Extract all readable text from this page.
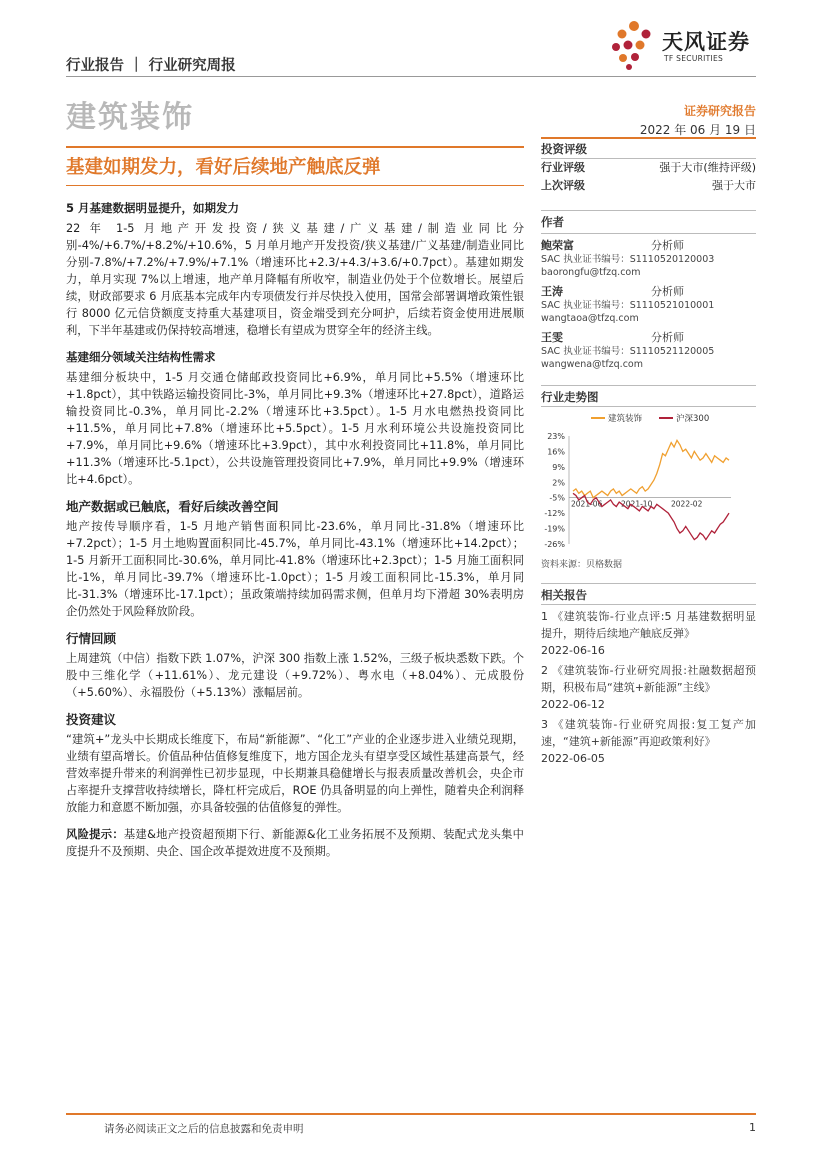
天风证券
TF SECURITIES
行业报告 ｜ 行业研究周报
建筑装饰	证券研究报告
2022 年 06 月 19 日
基建如期发力，看好后续地产触底反弹
5 月基建数据明显提升，如期发力
22 年 1-5 月地产开发投资/狭义基建/广义基建/制造业同比分别-4%/+6.7%/+8.2%/+10.6%，5 月单月地产开发投资/狭义基建/广义基建/制造业同比分别-7.8%/+7.2%/+7.9%/+7.1%（增速环比+2.3/+4.3/+3.6/+0.7pct）。基建如期发力，单月实现 7%以上增速，地产单月降幅有所收窄，制造业仍处于个位数增长。展望后续，财政部要求 6 月底基本完成年内专项债发行并尽快投入使用，国常会部署调增政策性银行 8000 亿元信贷额度支持重大基建项目，资金端受到充分呵护，后续若资金使用进展顺利，下半年基建或仍保持较高增速，稳增长有望成为贯穿全年的经济主线。
基建细分领域关注结构性需求
基建细分板块中，1-5 月交通仓储邮政投资同比+6.9%，单月同比+5.5%（增速环比+1.8pct），其中铁路运输投资同比-3%，单月同比+9.3%（增速环比+27.8pct），道路运输投资同比-0.3%，单月同比-2.2%（增速环比+3.5pct）。1-5 月水电燃热投资同比+11.5%，单月同比+7.8%（增速环比+5.5pct）。1-5 月水利环境公共设施投资同比+7.9%，单月同比+9.6%（增速环比+3.9pct），其中水利投资同比+11.8%，单月同比+11.3%（增速环比-5.1pct），公共设施管理投资同比+7.9%，单月同比+9.9%（增速环比+4.6pct）。
地产数据或已触底，看好后续改善空间
地产按传导顺序看，1-5 月地产销售面积同比-23.6%，单月同比-31.8%（增速环比+7.2pct）；1-5 月土地购置面积同比-45.7%，单月同比-43.1%（增速环比+14.2pct）；1-5 月新开工面积同比-30.6%，单月同比-41.8%（增速环比+2.3pct）；1-5 月施工面积同比-1%，单月同比-39.7%（增速环比-1.0pct）；1-5 月竣工面积同比-15.3%，单月同比-31.3%（增速环比-17.1pct）；虽政策端持续加码需求侧，但单月均下滑超 30%表明房企仍然处于风险释放阶段。
行情回顾
上周建筑（中信）指数下跌 1.07%，沪深 300 指数上涨 1.52%，三级子板块悉数下跌。个股中三维化学（+11.61%）、龙元建设（+9.72%）、粤水电（+8.04%）、元成股份（+5.60%）、永福股份（+5.13%）涨幅居前。
投资建议
“建筑+”龙头中长期成长维度下，布局“新能源”、“化工”产业的企业逐步进入业绩兑现期，业绩有望高增长。价值品种估值修复维度下，地方国企龙头有望享受区域性基建高景气，经营效率提升带来的利润弹性已初步显现，中长期兼具稳健增长与报表质量改善机会，央企市占率提升支撑营收持续增长，降杠杆完成后，ROE 仍具备明显的向上弹性，随着央企利润释放能力和意愿不断加强，亦具备较强的估值修复的弹性。
风险提示：基建&地产投资超预期下行、新能源&化工业务拓展不及预期、装配式龙头集中度提升不及预期、央企、国企改革提效进度不及预期。
投资评级
行业评级	强于大市(维持评级)
上次评级	强于大市
作者
鲍荣富	分析师
SAC 执业证书编号：S1110520120003
baorongfu@tfzq.com
王涛	分析师
SAC 执业证书编号：S1110521010001
wangtaoa@tfzq.com
王雯	分析师
SAC 执业证书编号：S1110521120005
wangwena@tfzq.com
行业走势图
建筑装饰	沪深300
23%
16%
9%
2%
-5%
-12%
-19%
-26%
2021-06 2021-10 2022-02
资料来源：贝格数据
相关报告
1 《建筑装饰-行业点评:5 月基建数据明显提升，期待后续地产触底反弹》
2022-06-16
2 《建筑装饰-行业研究周报:社融数据超预期，积极布局“建筑+新能源”主线》
2022-06-12
3 《建筑装饰-行业研究周报:复工复产加速，“建筑+新能源”再迎政策利好》
2022-06-05
请务必阅读正文之后的信息披露和免责申明	1
